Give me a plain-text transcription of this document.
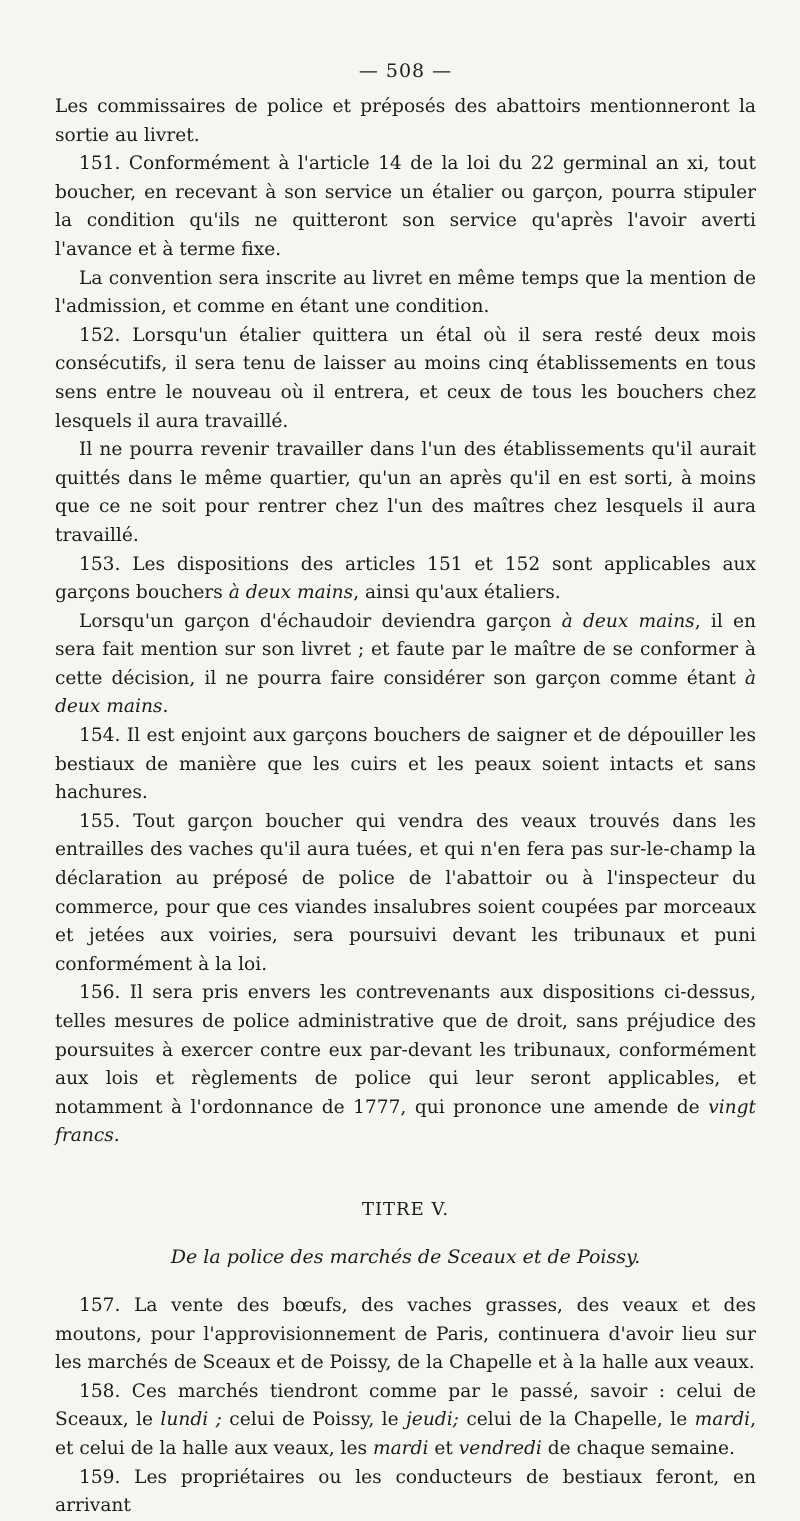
— 508 —

Les commissaires de police et préposés des abattoirs mentionneront la sortie au livret.

151. Conformément à l'article 14 de la loi du 22 germinal an xi, tout boucher, en recevant à son service un étalier ou garçon, pourra stipuler la condition qu'ils ne quitteront son service qu'après l'avoir averti l'avance et à terme fixe.

La convention sera inscrite au livret en même temps que la mention de l'admission, et comme en étant une condition.

152. Lorsqu'un étalier quittera un étal où il sera resté deux mois consécutifs, il sera tenu de laisser au moins cinq établissements en tous sens entre le nouveau où il entrera, et ceux de tous les bouchers chez lesquels il aura travaillé.

Il ne pourra revenir travailler dans l'un des établissements qu'il aurait quittés dans le même quartier, qu'un an après qu'il en est sorti, à moins que ce ne soit pour rentrer chez l'un des maîtres chez lesquels il aura travaillé.

153. Les dispositions des articles 151 et 152 sont applicables aux garçons bouchers à deux mains, ainsi qu'aux étaliers.

Lorsqu'un garçon d'échaudoir deviendra garçon à deux mains, il en sera fait mention sur son livret ; et faute par le maître de se conformer à cette décision, il ne pourra faire considérer son garçon comme étant à deux mains.

154. Il est enjoint aux garçons bouchers de saigner et de dépouiller les bestiaux de manière que les cuirs et les peaux soient intacts et sans hachures.

155. Tout garçon boucher qui vendra des veaux trouvés dans les entrailles des vaches qu'il aura tuées, et qui n'en fera pas sur-le-champ la déclaration au préposé de police de l'abattoir ou à l'inspecteur du commerce, pour que ces viandes insalubres soient coupées par morceaux et jetées aux voiries, sera poursuivi devant les tribunaux et puni conformément à la loi.

156. Il sera pris envers les contrevenants aux dispositions ci-dessus, telles mesures de police administrative que de droit, sans préjudice des poursuites à exercer contre eux par-devant les tribunaux, conformément aux lois et règlements de police qui leur seront applicables, et notamment à l'ordonnance de 1777, qui prononce une amende de vingt francs.

TITRE V.
De la police des marchés de Sceaux et de Poissy.

157. La vente des bœufs, des vaches grasses, des veaux et des moutons, pour l'approvisionnement de Paris, continuera d'avoir lieu sur les marchés de Sceaux et de Poissy, de la Chapelle et à la halle aux veaux.

158. Ces marchés tiendront comme par le passé, savoir : celui de Sceaux, le lundi ; celui de Poissy, le jeudi; celui de la Chapelle, le mardi, et celui de la halle aux veaux, les mardi et vendredi de chaque semaine.

159. Les propriétaires ou les conducteurs de bestiaux feront, en arrivant
